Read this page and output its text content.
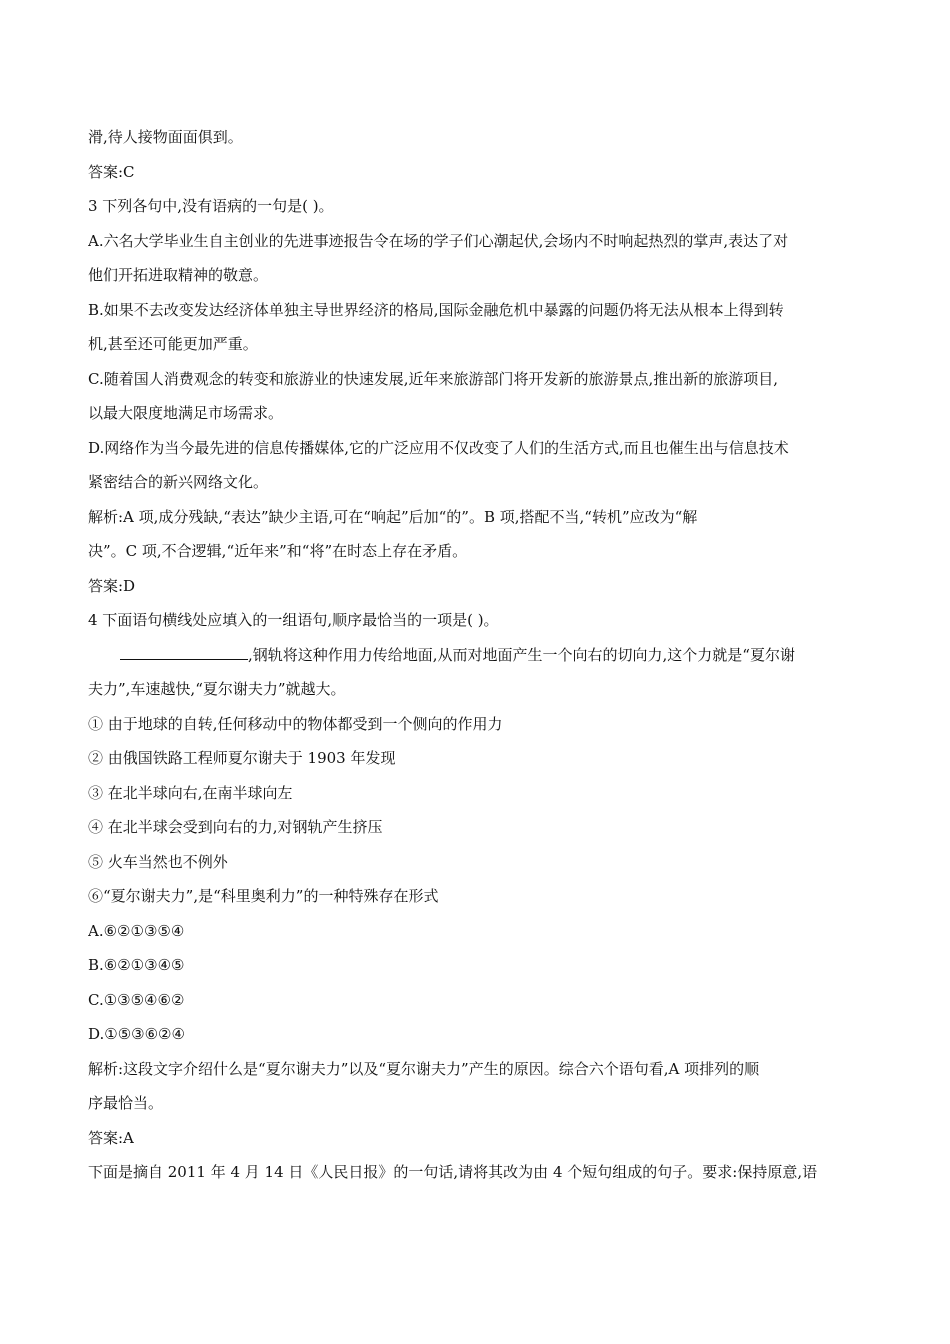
滑,待人接物面面俱到。
答案:C
3 下列各句中,没有语病的一句是( )。
A.六名大学毕业生自主创业的先进事迹报告令在场的学子们心潮起伏,会场内不时响起热烈的掌声,表达了对
他们开拓进取精神的敬意。
B.如果不去改变发达经济体单独主导世界经济的格局,国际金融危机中暴露的问题仍将无法从根本上得到转
机,甚至还可能更加严重。
C.随着国人消费观念的转变和旅游业的快速发展,近年来旅游部门将开发新的旅游景点,推出新的旅游项目,
以最大限度地满足市场需求。
D.网络作为当今最先进的信息传播媒体,它的广泛应用不仅改变了人们的生活方式,而且也催生出与信息技术
紧密结合的新兴网络文化。
解析:A 项,成分残缺,“表达”缺少主语,可在“响起”后加“的”。B 项,搭配不当,“转机”应改为“解
决”。C 项,不合逻辑,“近年来”和“将”在时态上存在矛盾。
答案:D
4 下面语句横线处应填入的一组语句,顺序最恰当的一项是( )。
,钢轨将这种作用力传给地面,从而对地面产生一个向右的切向力,这个力就是“夏尔谢
夫力”,车速越快,“夏尔谢夫力”就越大。
① 由于地球的自转,任何移动中的物体都受到一个侧向的作用力
② 由俄国铁路工程师夏尔谢夫于 1903 年发现
③ 在北半球向右,在南半球向左
④ 在北半球会受到向右的力,对钢轨产生挤压
⑤ 火车当然也不例外
⑥“夏尔谢夫力”,是“科里奥利力”的一种特殊存在形式
A.⑥②①③⑤④
B.⑥②①③④⑤
C.①③⑤④⑥②
D.①⑤③⑥②④
解析:这段文字介绍什么是“夏尔谢夫力”以及“夏尔谢夫力”产生的原因。综合六个语句看,A 项排列的顺
序最恰当。
答案:A
下面是摘自 2011 年 4 月 14 日《人民日报》的一句话,请将其改为由 4 个短句组成的句子。要求:保持原意,语
